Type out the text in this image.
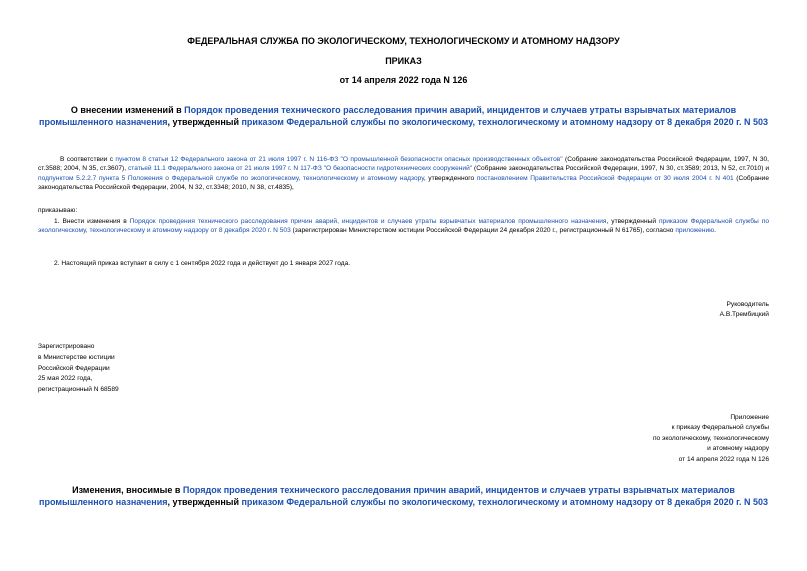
ФЕДЕРАЛЬНАЯ СЛУЖБА ПО ЭКОЛОГИЧЕСКОМУ, ТЕХНОЛОГИЧЕСКОМУ И АТОМНОМУ НАДЗОРУ
ПРИКАЗ
от 14 апреля 2022 года N 126
О внесении изменений в Порядок проведения технического расследования причин аварий, инцидентов и случаев утраты взрывчатых материалов промышленного назначения, утвержденный приказом Федеральной службы по экологическому, технологическому и атомному надзору от 8 декабря 2020 г. N 503
В соответствии с пунктом 8 статьи 12 Федерального закона от 21 июля 1997 г. N 116-ФЗ "О промышленной безопасности опасных производственных объектов" (Собрание законодательства Российской Федерации, 1997, N 30, ст.3588; 2004, N 35, ст.3607), статьей 11.1 Федерального закона от 21 июля 1997 г. N 117-ФЗ "О безопасности гидротехнических сооружений" (Собрание законодательства Российской Федерации, 1997, N 30, ст.3589; 2013, N 52, ст.7010) и подпунктом 5.2.2.7 пункта 5 Положения о Федеральной службе по экологическому, технологическому и атомному надзору, утвержденного постановлением Правительства Российской Федерации от 30 июля 2004 г. N 401 (Собрание законодательства Российской Федерации, 2004, N 32, ст.3348; 2010, N 38, ст.4835),
приказываю:
1. Внести изменения в Порядок проведения технического расследования причин аварий, инцидентов и случаев утраты взрывчатых материалов промышленного назначения, утвержденный приказом Федеральной службы по экологическому, технологическому и атомному надзору от 8 декабря 2020 г. N 503 (зарегистрирован Министерством юстиции Российской Федерации 24 декабря 2020 г., регистрационный N 61765), согласно приложению.
2. Настоящий приказ вступает в силу с 1 сентября 2022 года и действует до 1 января 2027 года.
Руководитель
А.В.Трембицкий
Зарегистрировано
в Министерстве юстиции
Российской Федерации
25 мая 2022 года,
регистрационный N 68589
Приложение
к приказу Федеральной службы
по экологическому, технологическому
и атомному надзору
от 14 апреля 2022 года N 126
Изменения, вносимые в Порядок проведения технического расследования причин аварий, инцидентов и случаев утраты взрывчатых материалов промышленного назначения, утвержденный приказом Федеральной службы по экологическому, технологическому и атомному надзору от 8 декабря 2020 г. N 503
